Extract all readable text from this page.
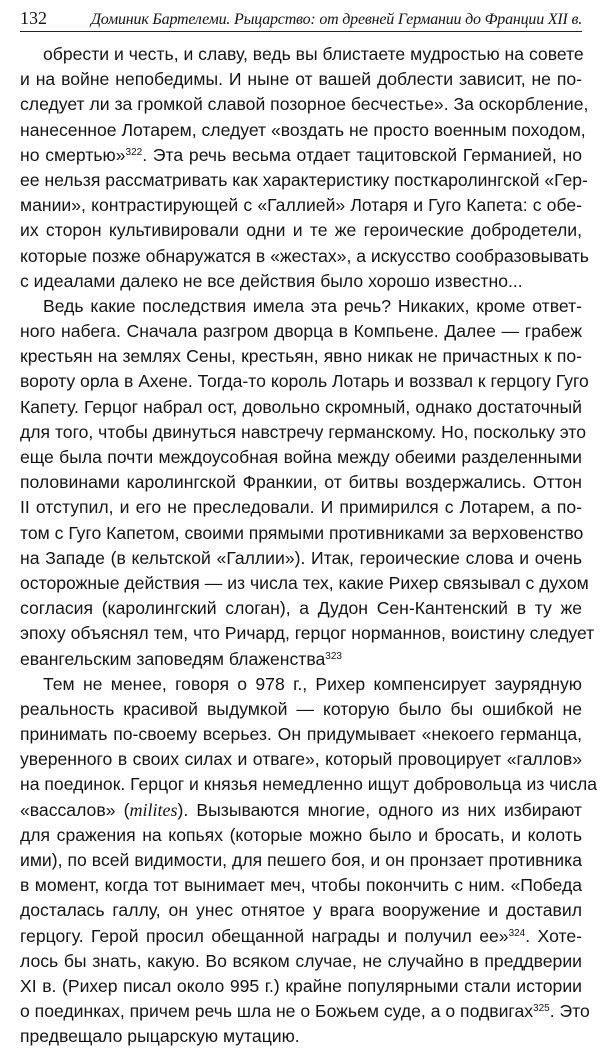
132	Доминик Бартелеми. Рыцарство: от древней Германии до Франции XII в.
обрести и честь, и славу, ведь вы блистаете мудростью на совете
и на войне непобедимы. И ныне от вашей доблести зависит, не по-
следует ли за громкой славой позорное бесчестье». За оскорбление,
нанесенное Лотарем, следует «воздать не просто военным походом,
но смертью»$^{322}$. Эта речь весьма отдает тацитовской Германией, но
ее нельзя рассматривать как характеристику посткаролингской «Гер-
мании», контрастирующей с «Галлией» Лотаря и Гуго Капета: с обе-
их сторон культивировали одни и те же героические добродетели,
которые позже обнаружатся в «жестах», а искусство сообразовывать
с идеалами далеко не все действия было хорошо известно...
Ведь какие последствия имела эта речь? Никаких, кроме ответ-
ного набега. Сначала разгром дворца в Компьене. Далее — грабеж
крестьян на землях Сены, крестьян, явно никак не причастных к по-
вороту орла в Ахене. Тогда-то король Лотарь и воззвал к герцогу Гуго
Капету. Герцог набрал ост, довольно скромный, однако достаточный
для того, чтобы двинуться навстречу германскому. Но, поскольку это
еще была почти междоусобная война между обеими разделенными
половинами каролингской Франкии, от битвы воздержались. Оттон
II отступил, и его не преследовали. И примирился с Лотарем, а по-
том с Гуго Капетом, своими прямыми противниками за верховенство
на Западе (в кельтской «Галлии»). Итак, героические слова и очень
осторожные действия — из числа тех, какие Рихер связывал с духом
согласия (каролингский слоган), а Дудон Сен-Кантенский в ту же
эпоху объяснял тем, что Ричард, герцог норманнов, воистину следует
евангельским заповедям блаженства$^{323}$
Тем не менее, говоря о 978 г., Рихер компенсирует заурядную
реальность красивой выдумкой — которую было бы ошибкой не
принимать по-своему всерьез. Он придумывает «некоего германца,
уверенного в своих силах и отваге», который провоцирует «галлов»
на поединок. Герцог и князья немедленно ищут добровольца из числа
«вассалов» (milites). Вызываются многие, одного из них избирают
для сражения на копьях (которые можно было и бросать, и колоть
ими), по всей видимости, для пешего боя, и он пронзает противника
в момент, когда тот вынимает меч, чтобы покончить с ним. «Победа
досталась галлу, он унес отнятое у врага вооружение и доставил
герцогу. Герой просил обещанной награды и получил ее»$^{324}$. Хоте-
лось бы знать, какую. Во всяком случае, не случайно в преддверии
XI в. (Рихер писал около 995 г.) крайне популярными стали истории
о поединках, причем речь шла не о Божьем суде, а о подвигах$^{325}$. Это
предвещало рыцарскую мутацию.
